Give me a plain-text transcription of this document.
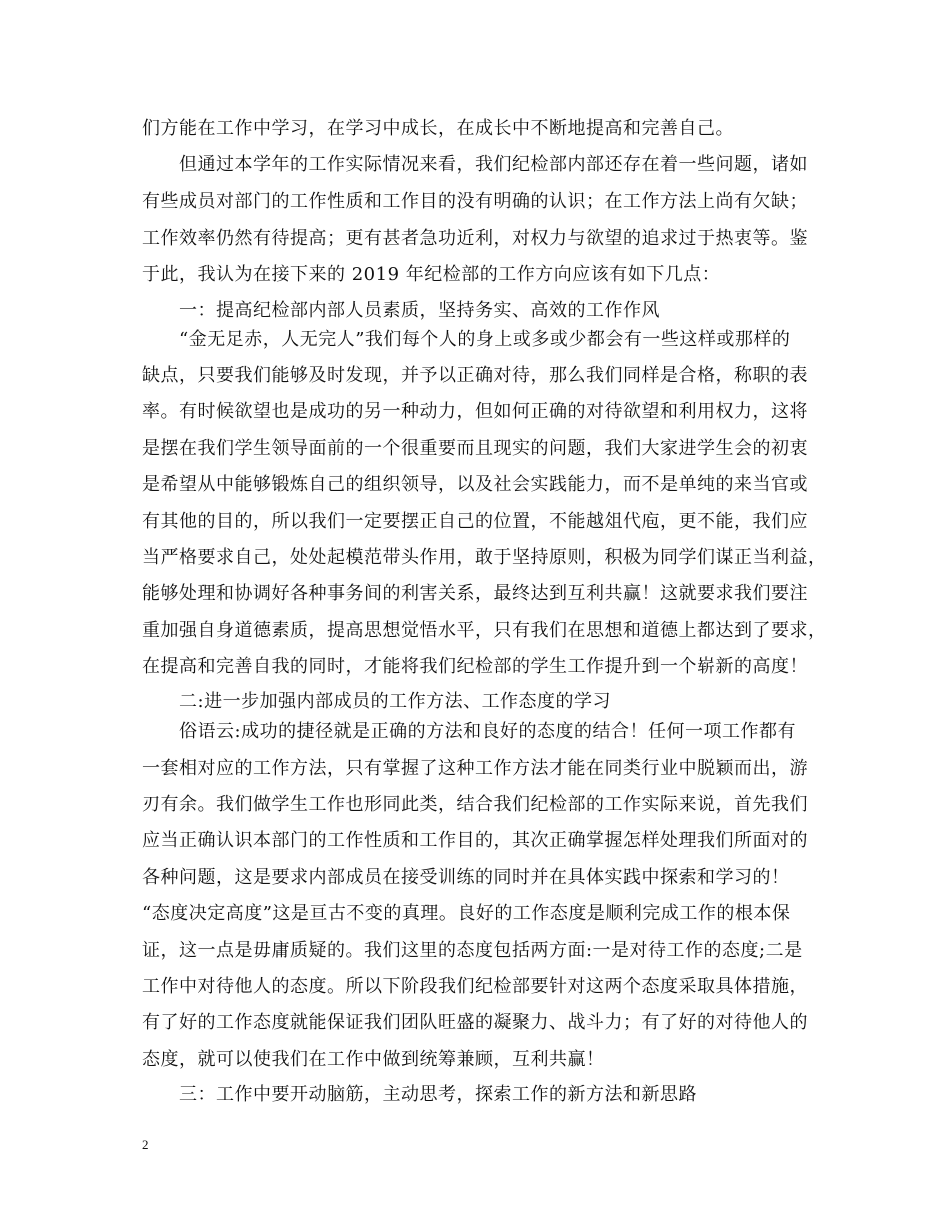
们方能在工作中学习，在学习中成长，在成长中不断地提高和完善自己。
　　但通过本学年的工作实际情况来看，我们纪检部内部还存在着一些问题，诸如
有些成员对部门的工作性质和工作目的没有明确的认识；在工作方法上尚有欠缺；
工作效率仍然有待提高；更有甚者急功近利，对权力与欲望的追求过于热衷等。鉴
于此，我认为在接下来的 2019 年纪检部的工作方向应该有如下几点：
　　一：提高纪检部内部人员素质，坚持务实、高效的工作作风
　　“金无足赤，人无完人”我们每个人的身上或多或少都会有一些这样或那样的
缺点，只要我们能够及时发现，并予以正确对待，那么我们同样是合格，称职的表
率。有时候欲望也是成功的另一种动力，但如何正确的对待欲望和利用权力，这将
是摆在我们学生领导面前的一个很重要而且现实的问题，我们大家进学生会的初衷
是希望从中能够锻炼自己的组织领导，以及社会实践能力，而不是单纯的来当官或
有其他的目的，所以我们一定要摆正自己的位置，不能越俎代庖，更不能，我们应
当严格要求自己，处处起模范带头作用，敢于坚持原则，积极为同学们谋正当利益，
能够处理和协调好各种事务间的利害关系，最终达到互利共赢！这就要求我们要注
重加强自身道德素质，提高思想觉悟水平，只有我们在思想和道德上都达到了要求，
在提高和完善自我的同时，才能将我们纪检部的学生工作提升到一个崭新的高度！
　　二:进一步加强内部成员的工作方法、工作态度的学习
　　俗语云:成功的捷径就是正确的方法和良好的态度的结合！任何一项工作都有
一套相对应的工作方法，只有掌握了这种工作方法才能在同类行业中脱颖而出，游
刃有余。我们做学生工作也形同此类，结合我们纪检部的工作实际来说，首先我们
应当正确认识本部门的工作性质和工作目的，其次正确掌握怎样处理我们所面对的
各种问题，这是要求内部成员在接受训练的同时并在具体实践中探索和学习的！
“态度决定高度”这是亘古不变的真理。良好的工作态度是顺利完成工作的根本保
证，这一点是毋庸质疑的。我们这里的态度包括两方面:一是对待工作的态度;二是
工作中对待他人的态度。所以下阶段我们纪检部要针对这两个态度采取具体措施，
有了好的工作态度就能保证我们团队旺盛的凝聚力、战斗力；有了好的对待他人的
态度，就可以使我们在工作中做到统筹兼顾，互利共赢！
　　三：工作中要开动脑筋，主动思考，探索工作的新方法和新思路
2
